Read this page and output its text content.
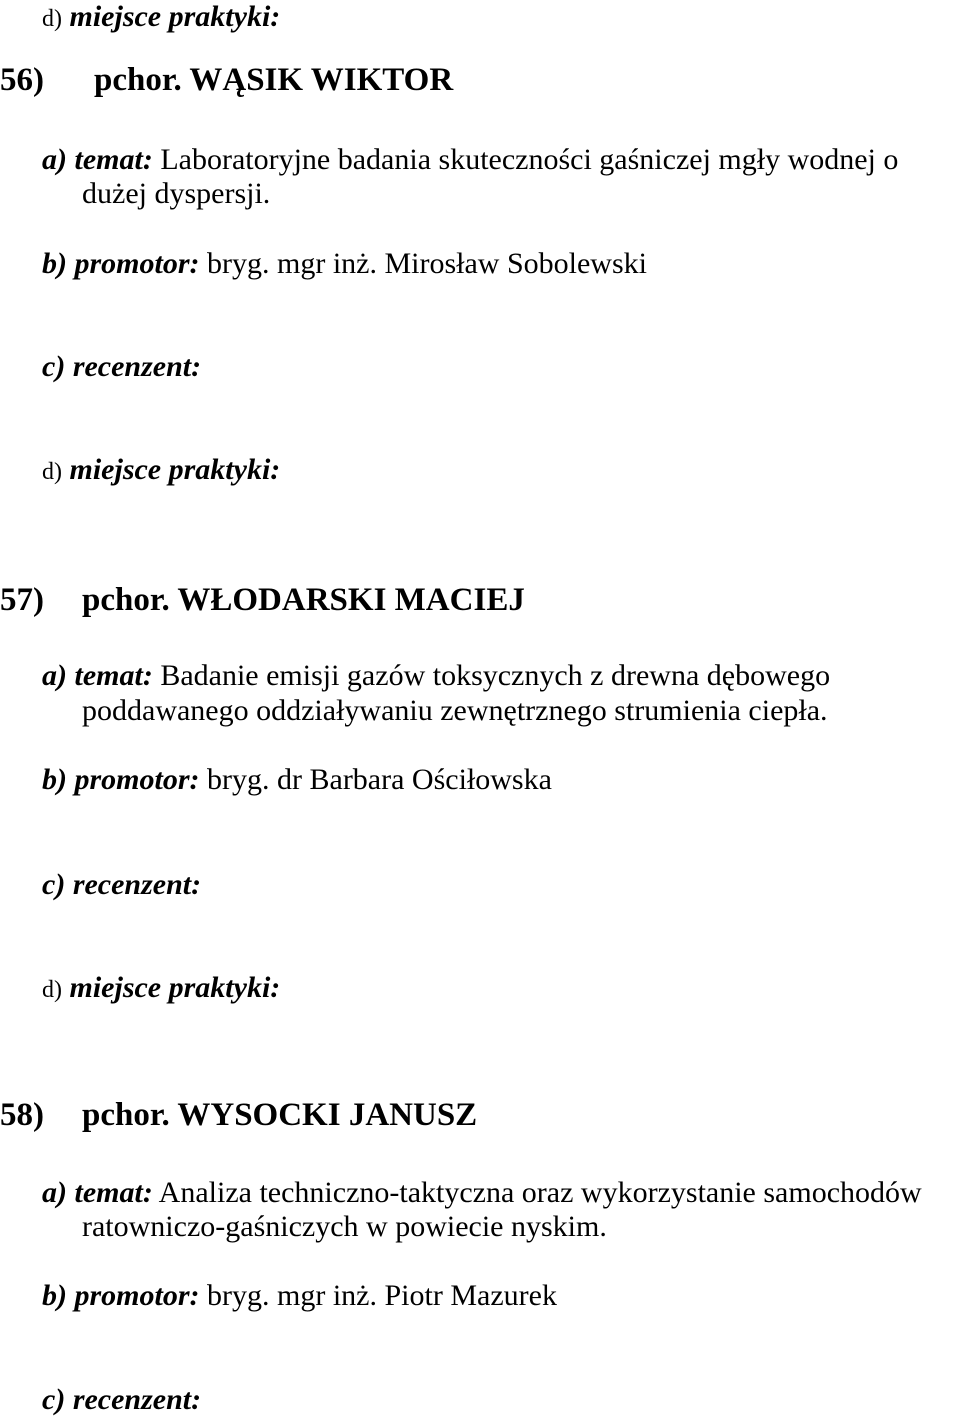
d) miejsce praktyki:
56) pchor. WĄSIK WIKTOR
a) temat: Laboratoryjne badania skuteczności gaśniczej mgły wodnej o
dużej dyspersji.
b) promotor: bryg. mgr inż. Mirosław Sobolewski
c) recenzent:
d) miejsce praktyki:
57) pchor. WŁODARSKI MACIEJ
a) temat: Badanie emisji gazów toksycznych z drewna dębowego
poddawanego oddziaływaniu zewnętrznego strumienia ciepła.
b) promotor: bryg. dr Barbara Ościłowska
c) recenzent:
d) miejsce praktyki:
58) pchor. WYSOCKI JANUSZ
a) temat: Analiza techniczno-taktyczna oraz wykorzystanie samochodów
ratowniczo-gaśniczych w powiecie nyskim.
b) promotor: bryg. mgr inż. Piotr Mazurek
c) recenzent:
